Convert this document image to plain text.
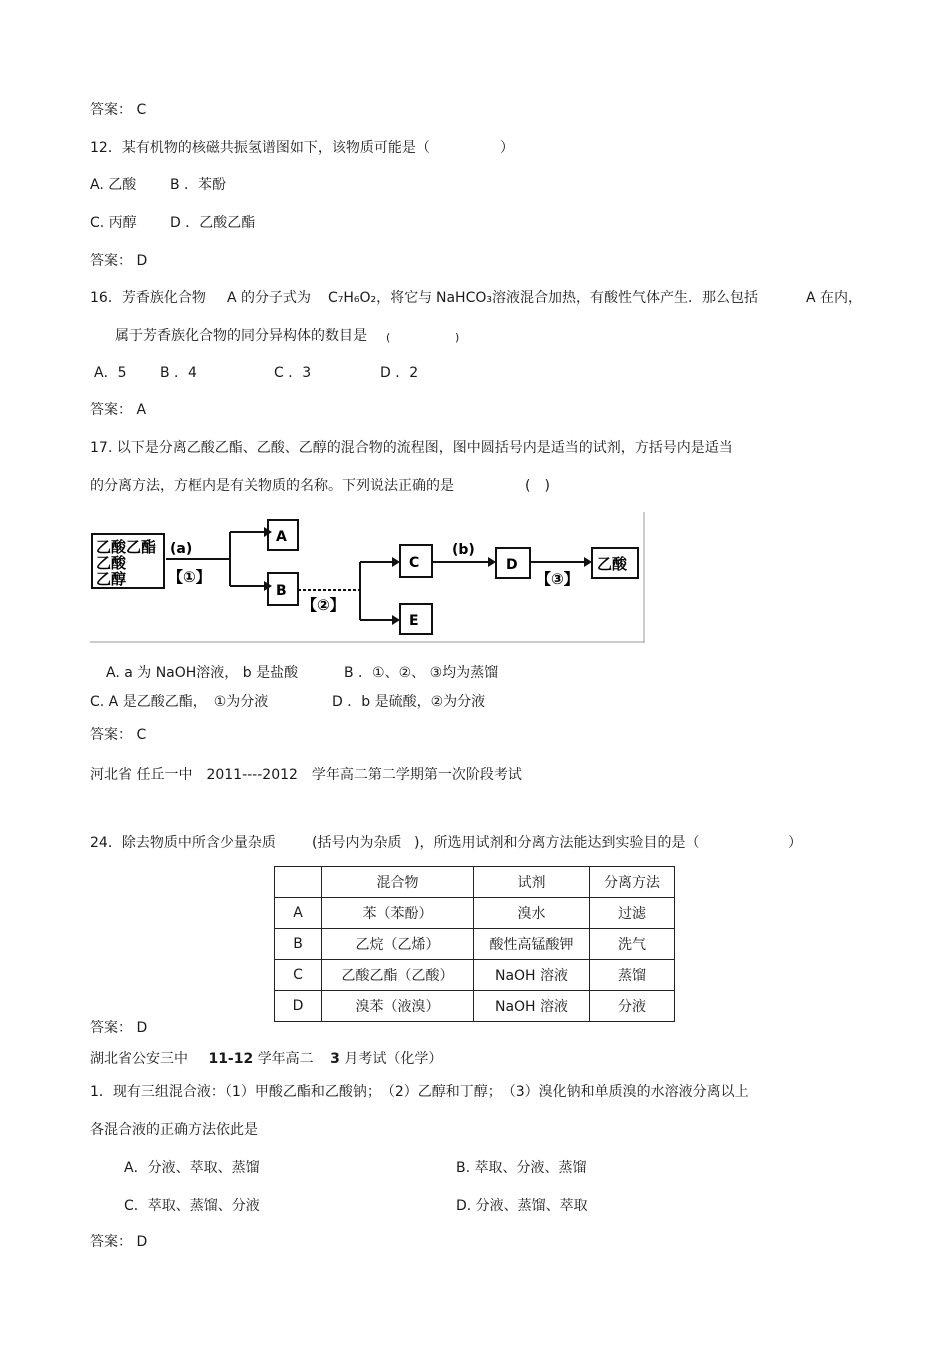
答案： C
12．某有机物的核磁共振氢谱图如下，该物质可能是（	）
A. 乙酸 B ．苯酚
C. 丙醇 D ．乙酸乙酯
答案： D
16．芳香族化合物 A 的分子式为 C₇H₆O₂，将它与 NaHCO₃溶液混合加热，有酸性气体产生．那么包括	A 在内，
属于芳香族化合物的同分异构体的数目是 (	)
A．5 B ．4	C ．3	D ．2
答案： A
17. 以下是分离乙酸乙酯、乙酸、乙醇的混合物的流程图，图中圆括号内是适当的试剂，方括号内是适当
的分离方法，方框内是有关物质的名称。下列说法正确的是	(　)
乙酸乙酯
乙酸
乙醇
(a)
【①】
A
B
【②】
C
E
(b)
D
【③】
乙酸
A. a 为 NaOH溶液， b 是盐酸	B ．①、②、 ③均为蒸馏
C. A 是乙酸乙酯，　①为分液	D ．b 是硫酸，②为分液
答案： C
河北省 任丘一中　2011----2012　学年高二第二学期第一次阶段考试
24．除去物质中所含少量杂质	(括号内为杂质 )，所选用试剂和分离方法能达到实验目的是（	）
	混合物	试剂	分离方法
A	苯（苯酚）	溴水	过滤
B	乙烷（乙烯）	酸性高锰酸钾	洗气
C	乙酸乙酯（乙酸）	NaOH 溶液	蒸馏
D	溴苯（液溴）	NaOH 溶液	分液
答案： D
湖北省公安三中 11-12 学年高二 3 月考试（化学）
1．现有三组混合液：（1）甲酸乙酯和乙酸钠；　（2）乙醇和丁醇；　（3）溴化钠和单质溴的水溶液分离以上
各混合液的正确方法依此是
A．分液、萃取、蒸馏	B. 萃取、分液、蒸馏
C．萃取、蒸馏、分液	D. 分液、蒸馏、萃取
答案： D
